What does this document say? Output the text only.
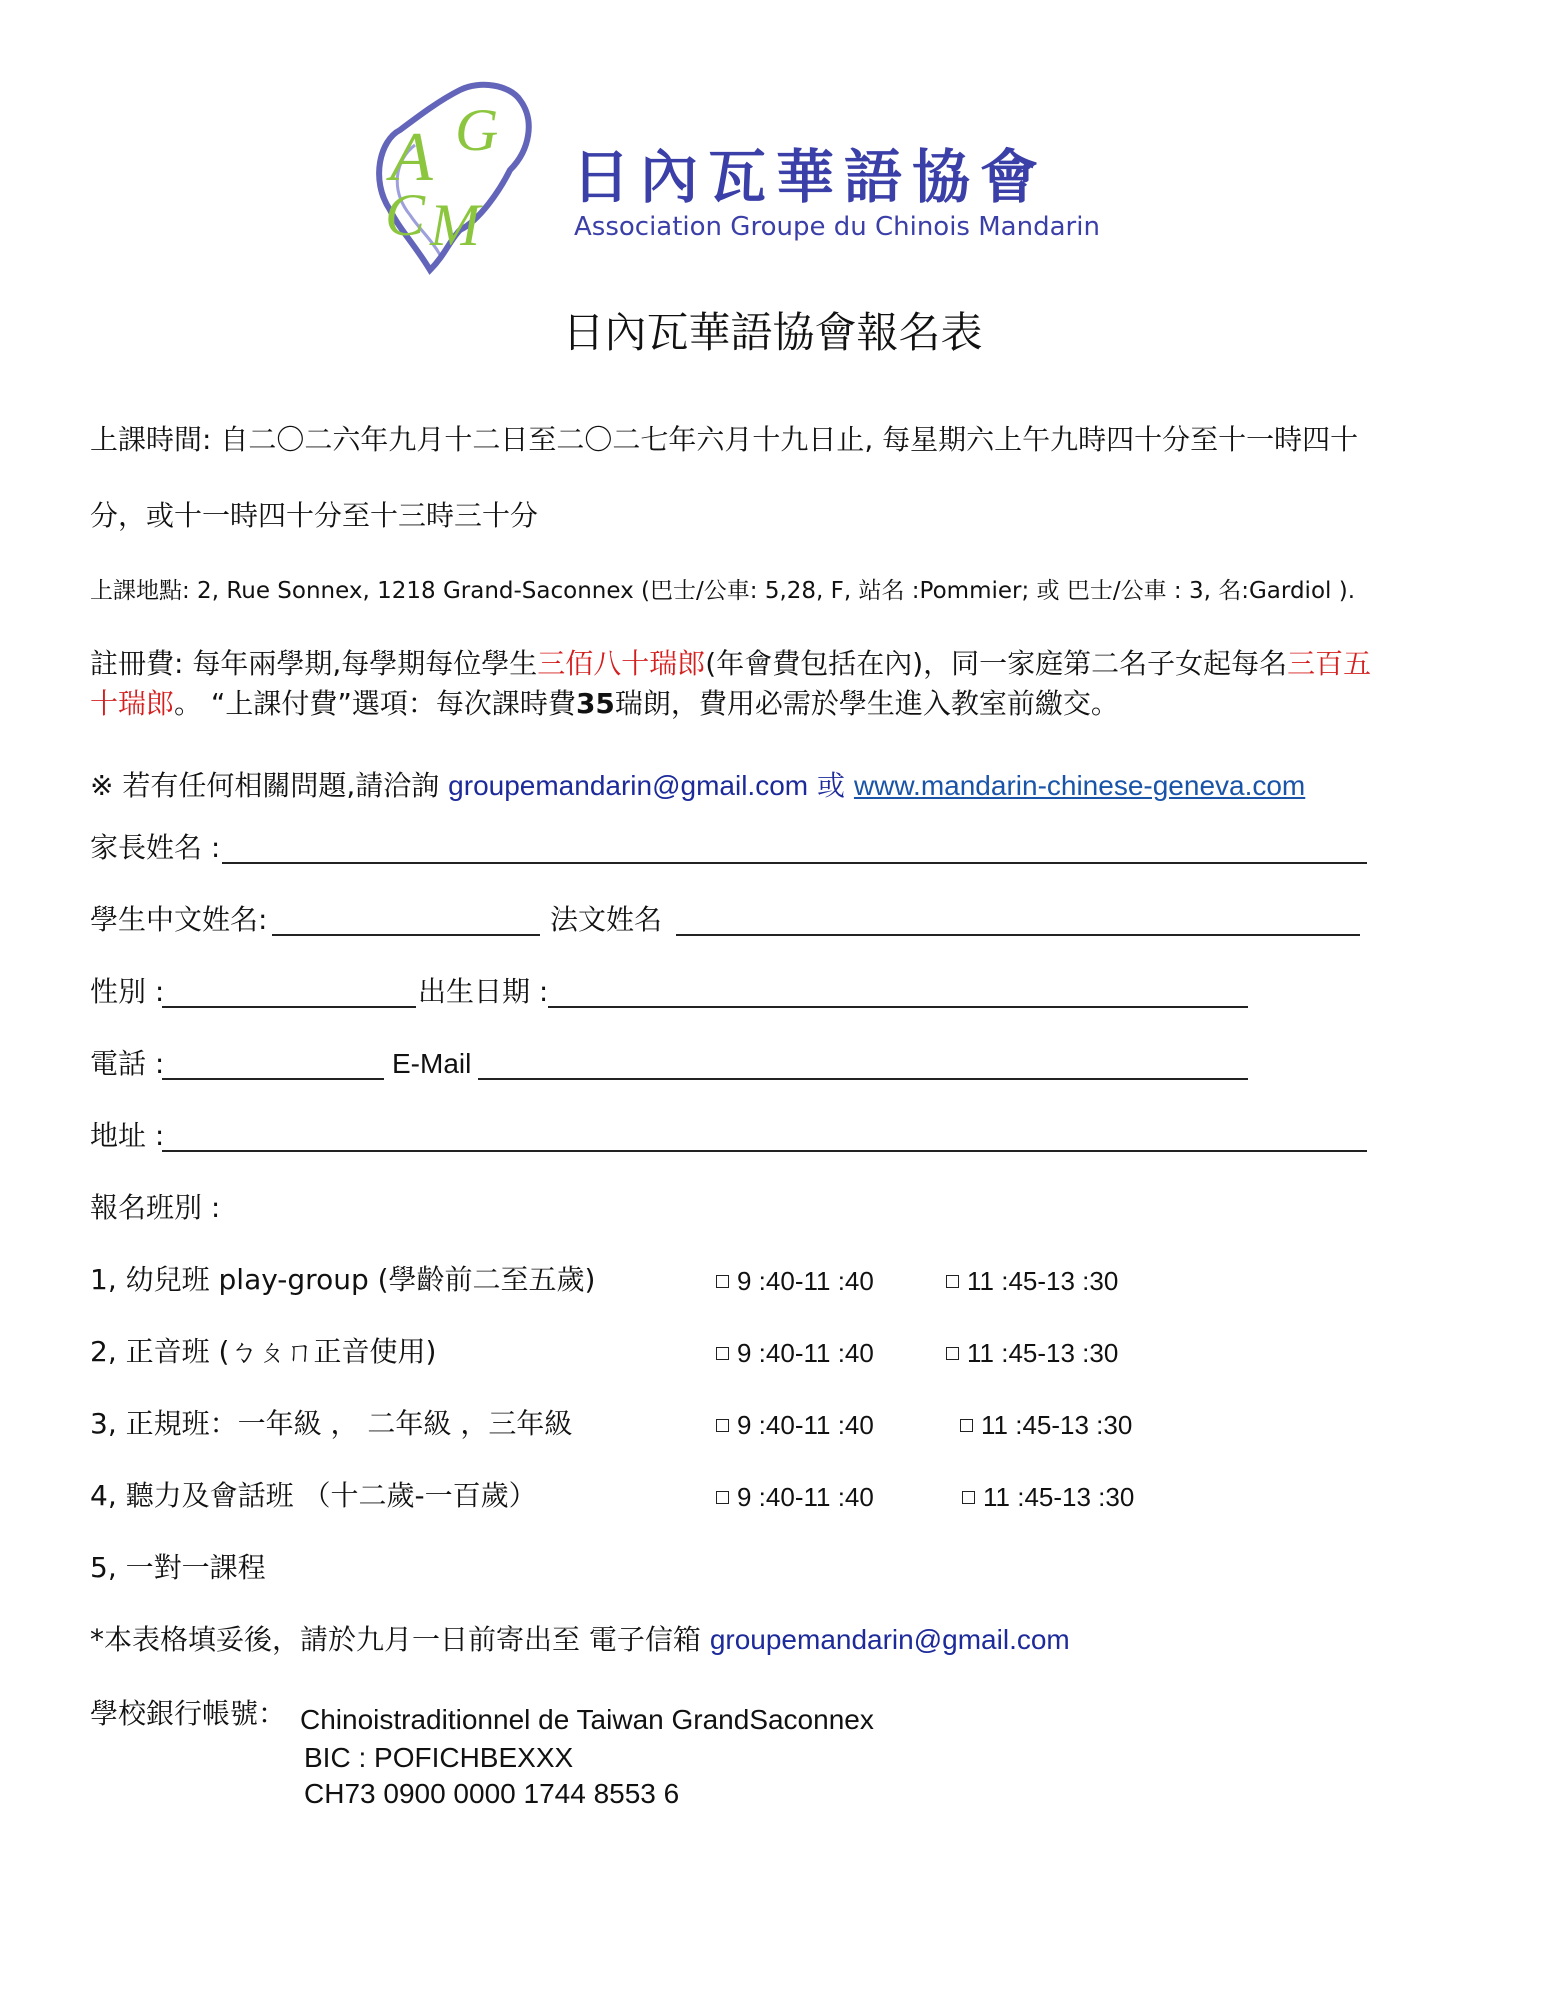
A G
C M
日內瓦華語協會
Association Groupe du Chinois Mandarin
日內瓦華語協會報名表
上課時間: 自二〇二六年九月十二日至二〇二七年六月十九日止, 每星期六上午九時四十分至十一時四十
分，或十一時四十分至十三時三十分
上課地點: 2, Rue Sonnex, 1218 Grand-Saconnex (巴士/公車: 5,28, F, 站名 :Pommier; 或 巴士/公車 : 3, 名:Gardiol ).
註冊費: 每年兩學期,每學期每位學生三佰八十瑞郎(年會費包括在內)，同一家庭第二名子女起每名三百五
十瑞郎。 “上課付費”選項：每次課時費35瑞朗，費用必需於學生進入教室前繳交。
※ 若有任何相關問題,請洽詢 groupemandarin@gmail.com 或 www.mandarin-chinese-geneva.com
家長姓名 :
學生中文姓名:	法文姓名
性別 :	出生日期 :
電話 :	E-Mail
地址 :
報名班別 :
1, 幼兒班 play-group (學齡前二至五歲)	9 :40-11 :40	11 :45-13 :30
2, 正音班 (ㄅㄆㄇ正音使用)	9 :40-11 :40	11 :45-13 :30
3, 正規班：一年級 ， 二年級 ，三年級	9 :40-11 :40	11 :45-13 :30
4, 聽力及會話班 （十二歲-一百歲）	9 :40-11 :40	11 :45-13 :30
5, 一對一課程
*本表格填妥後，請於九月一日前寄出至 電子信箱 groupemandarin@gmail.com
學校銀行帳號： Chinoistraditionnel de Taiwan GrandSaconnex
BIC : POFICHBEXXX
CH73 0900 0000 1744 8553 6
